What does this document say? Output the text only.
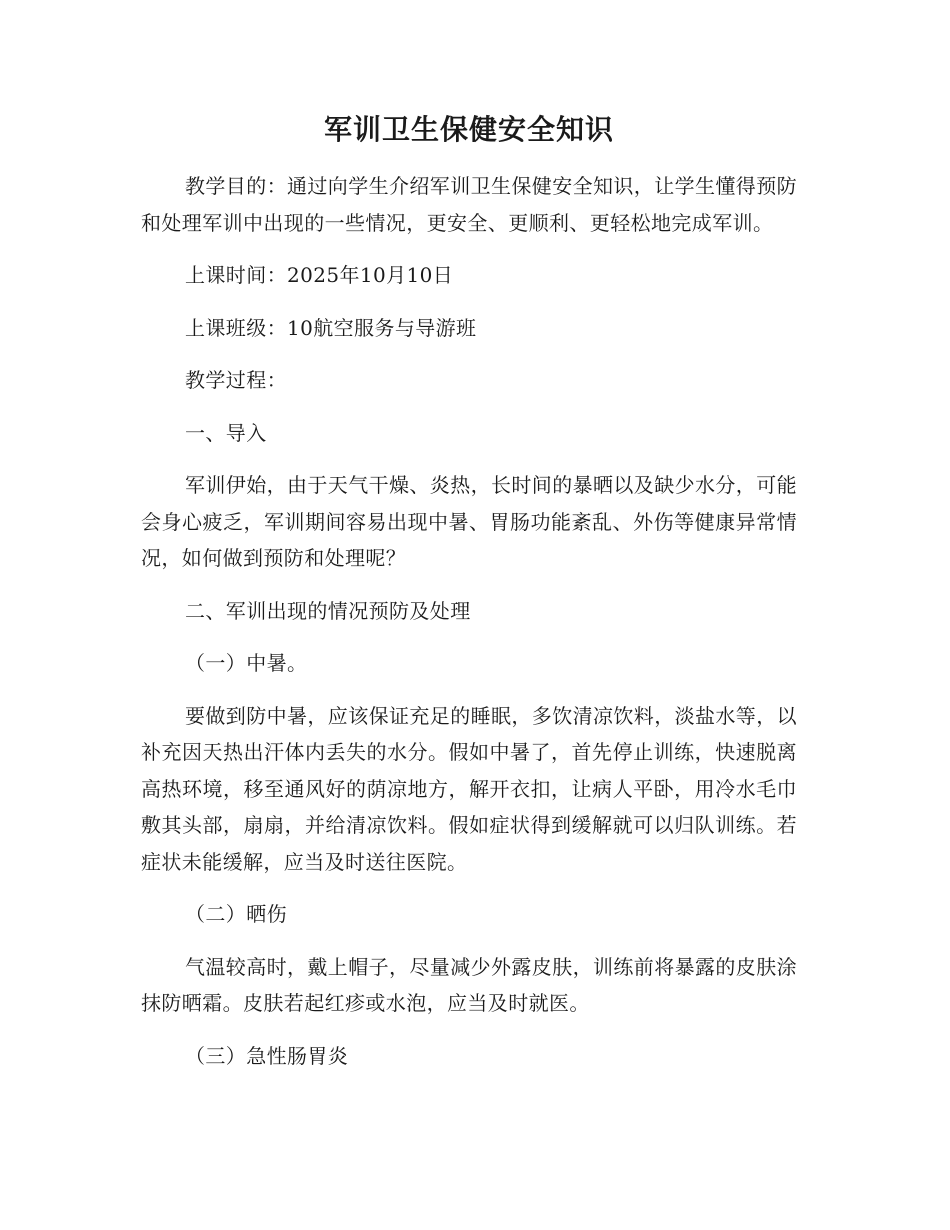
军训卫生保健安全知识

教学目的：通过向学生介绍军训卫生保健安全知识，让学生懂得预防和处理军训中出现的一些情况，更安全、更顺利、更轻松地完成军训。

上课时间：2025年10月10日

上课班级：10航空服务与导游班

教学过程：

一、导入

军训伊始，由于天气干燥、炎热，长时间的暴晒以及缺少水分，可能会身心疲乏，军训期间容易出现中暑、胃肠功能紊乱、外伤等健康异常情况，如何做到预防和处理呢？

二、军训出现的情况预防及处理

（一）中暑。

要做到防中暑，应该保证充足的睡眠，多饮清凉饮料，淡盐水等，以补充因天热出汗体内丢失的水分。假如中暑了，首先停止训练，快速脱离高热环境，移至通风好的荫凉地方，解开衣扣，让病人平卧，用冷水毛巾敷其头部，扇扇，并给清凉饮料。假如症状得到缓解就可以归队训练。若症状未能缓解，应当及时送往医院。

（二）晒伤

气温较高时，戴上帽子，尽量减少外露皮肤，训练前将暴露的皮肤涂抹防晒霜。皮肤若起红疹或水泡，应当及时就医。

（三）急性肠胃炎
